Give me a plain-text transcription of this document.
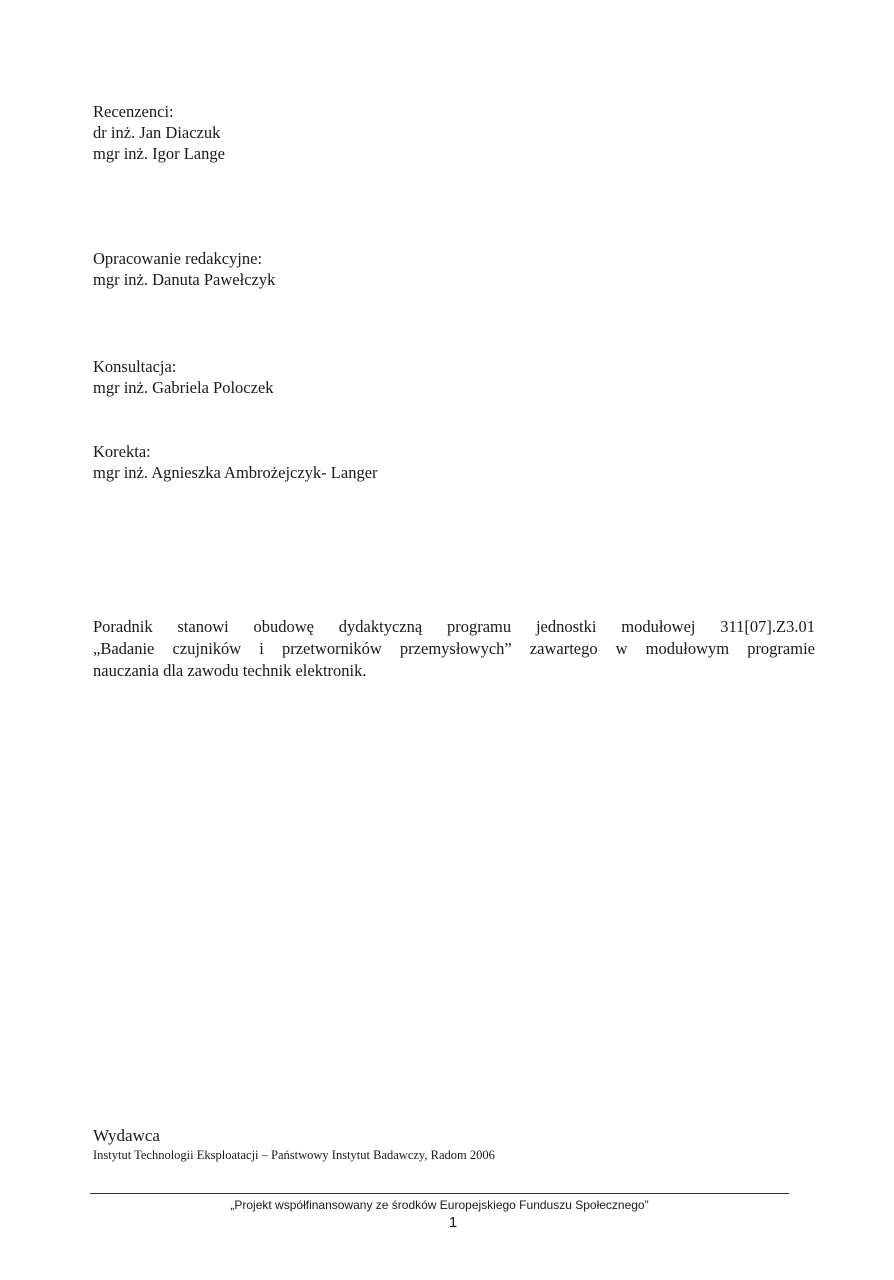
Recenzenci:
dr inż. Jan Diaczuk
mgr inż. Igor Lange
Opracowanie redakcyjne:
mgr inż. Danuta Pawełczyk
Konsultacja:
mgr inż. Gabriela Poloczek
Korekta:
mgr inż. Agnieszka Ambrożejczyk- Langer
Poradnik stanowi obudowę dydaktyczną programu jednostki modułowej 311[07].Z3.01
„Badanie czujników i przetworników przemysłowych” zawartego w modułowym programie
nauczania dla zawodu technik elektronik.
Wydawca
Instytut Technologii Eksploatacji – Państwowy Instytut Badawczy, Radom 2006
„Projekt współfinansowany ze środków Europejskiego Funduszu Społecznego”
1
